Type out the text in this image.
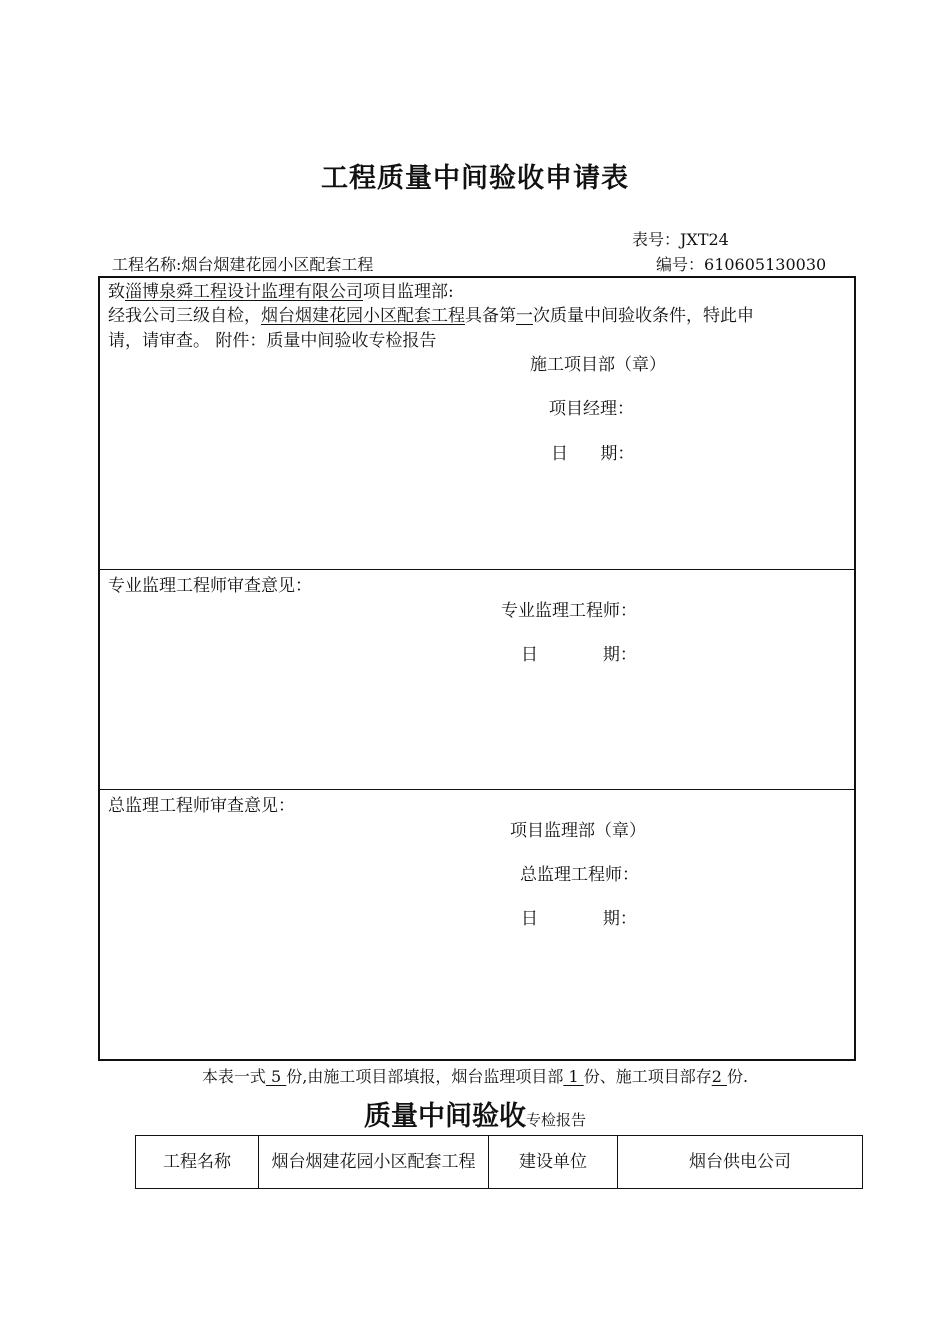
工程质量中间验收申请表
表号：JXT24
工程名称:烟台烟建花园小区配套工程	编号：610605130030
致淄博泉舜工程设计监理有限公司项目监理部:
经我公司三级自检，烟台烟建花园小区配套工程具备第一次质量中间验收条件，特此申
请，请审查。 附件：质量中间验收专检报告
施工项目部（章）
项目经理：
日      期：
专业监理工程师审查意见：
专业监理工程师：
日            期：
总监理工程师审查意见：
项目监理部（章）
总监理工程师：
日            期：
本表一式 5 份,由施工项目部填报，烟台监理项目部 1 份、施工项目部存2 份.
质量中间验收专检报告
工程名称	烟台烟建花园小区配套工程	建设单位	烟台供电公司
